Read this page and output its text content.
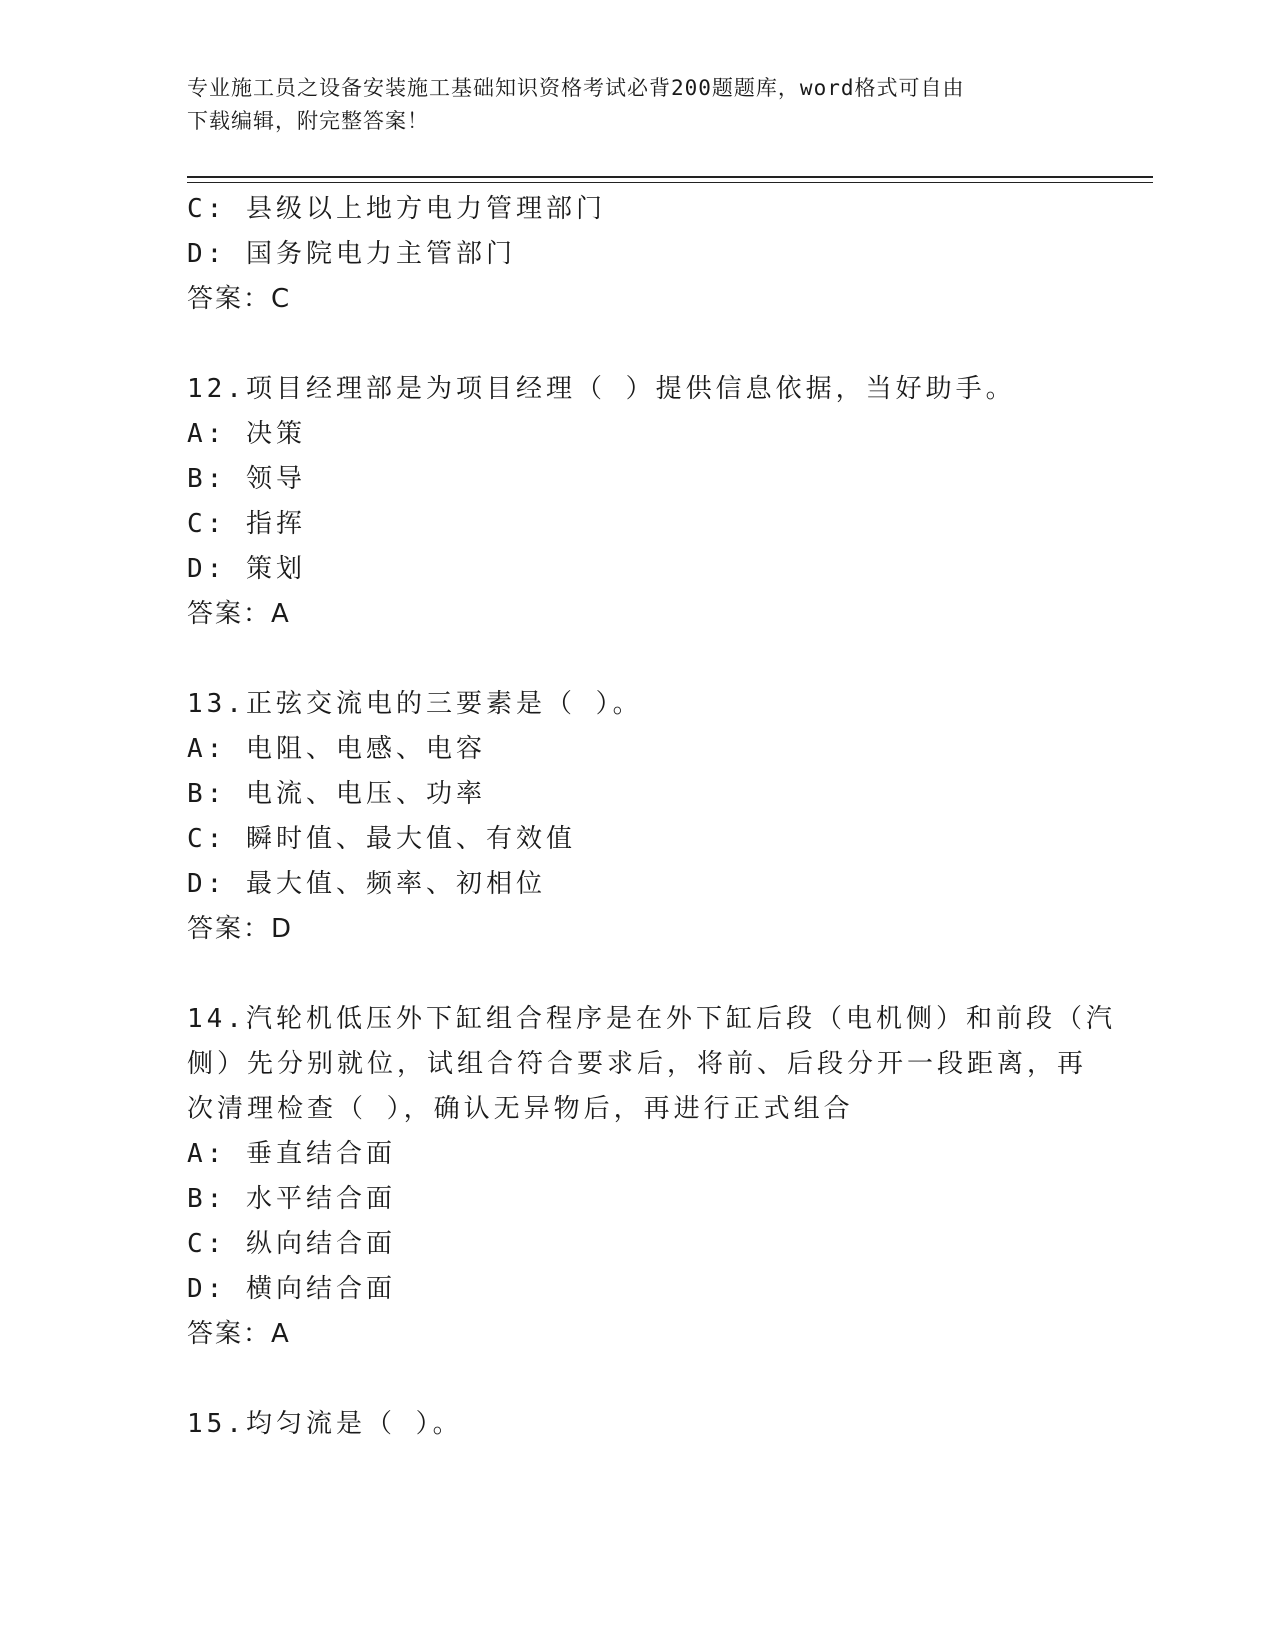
专业施工员之设备安装施工基础知识资格考试必背200题题库，word格式可自由
下载编辑，附完整答案！
C: 县级以上地方电力管理部门
D: 国务院电力主管部门
答案：C
12.项目经理部是为项目经理（ ）提供信息依据，当好助手。
A: 决策
B: 领导
C: 指挥
D: 策划
答案：A
13.正弦交流电的三要素是（ ）。
A: 电阻、电感、电容
B: 电流、电压、功率
C: 瞬时值、最大值、有效值
D: 最大值、频率、初相位
答案：D
14.汽轮机低压外下缸组合程序是在外下缸后段（电机侧）和前段（汽
侧）先分别就位，试组合符合要求后，将前、后段分开一段距离，再
次清理检查（ ），确认无异物后，再进行正式组合
A: 垂直结合面
B: 水平结合面
C: 纵向结合面
D: 横向结合面
答案：A
15.均匀流是（ ）。
